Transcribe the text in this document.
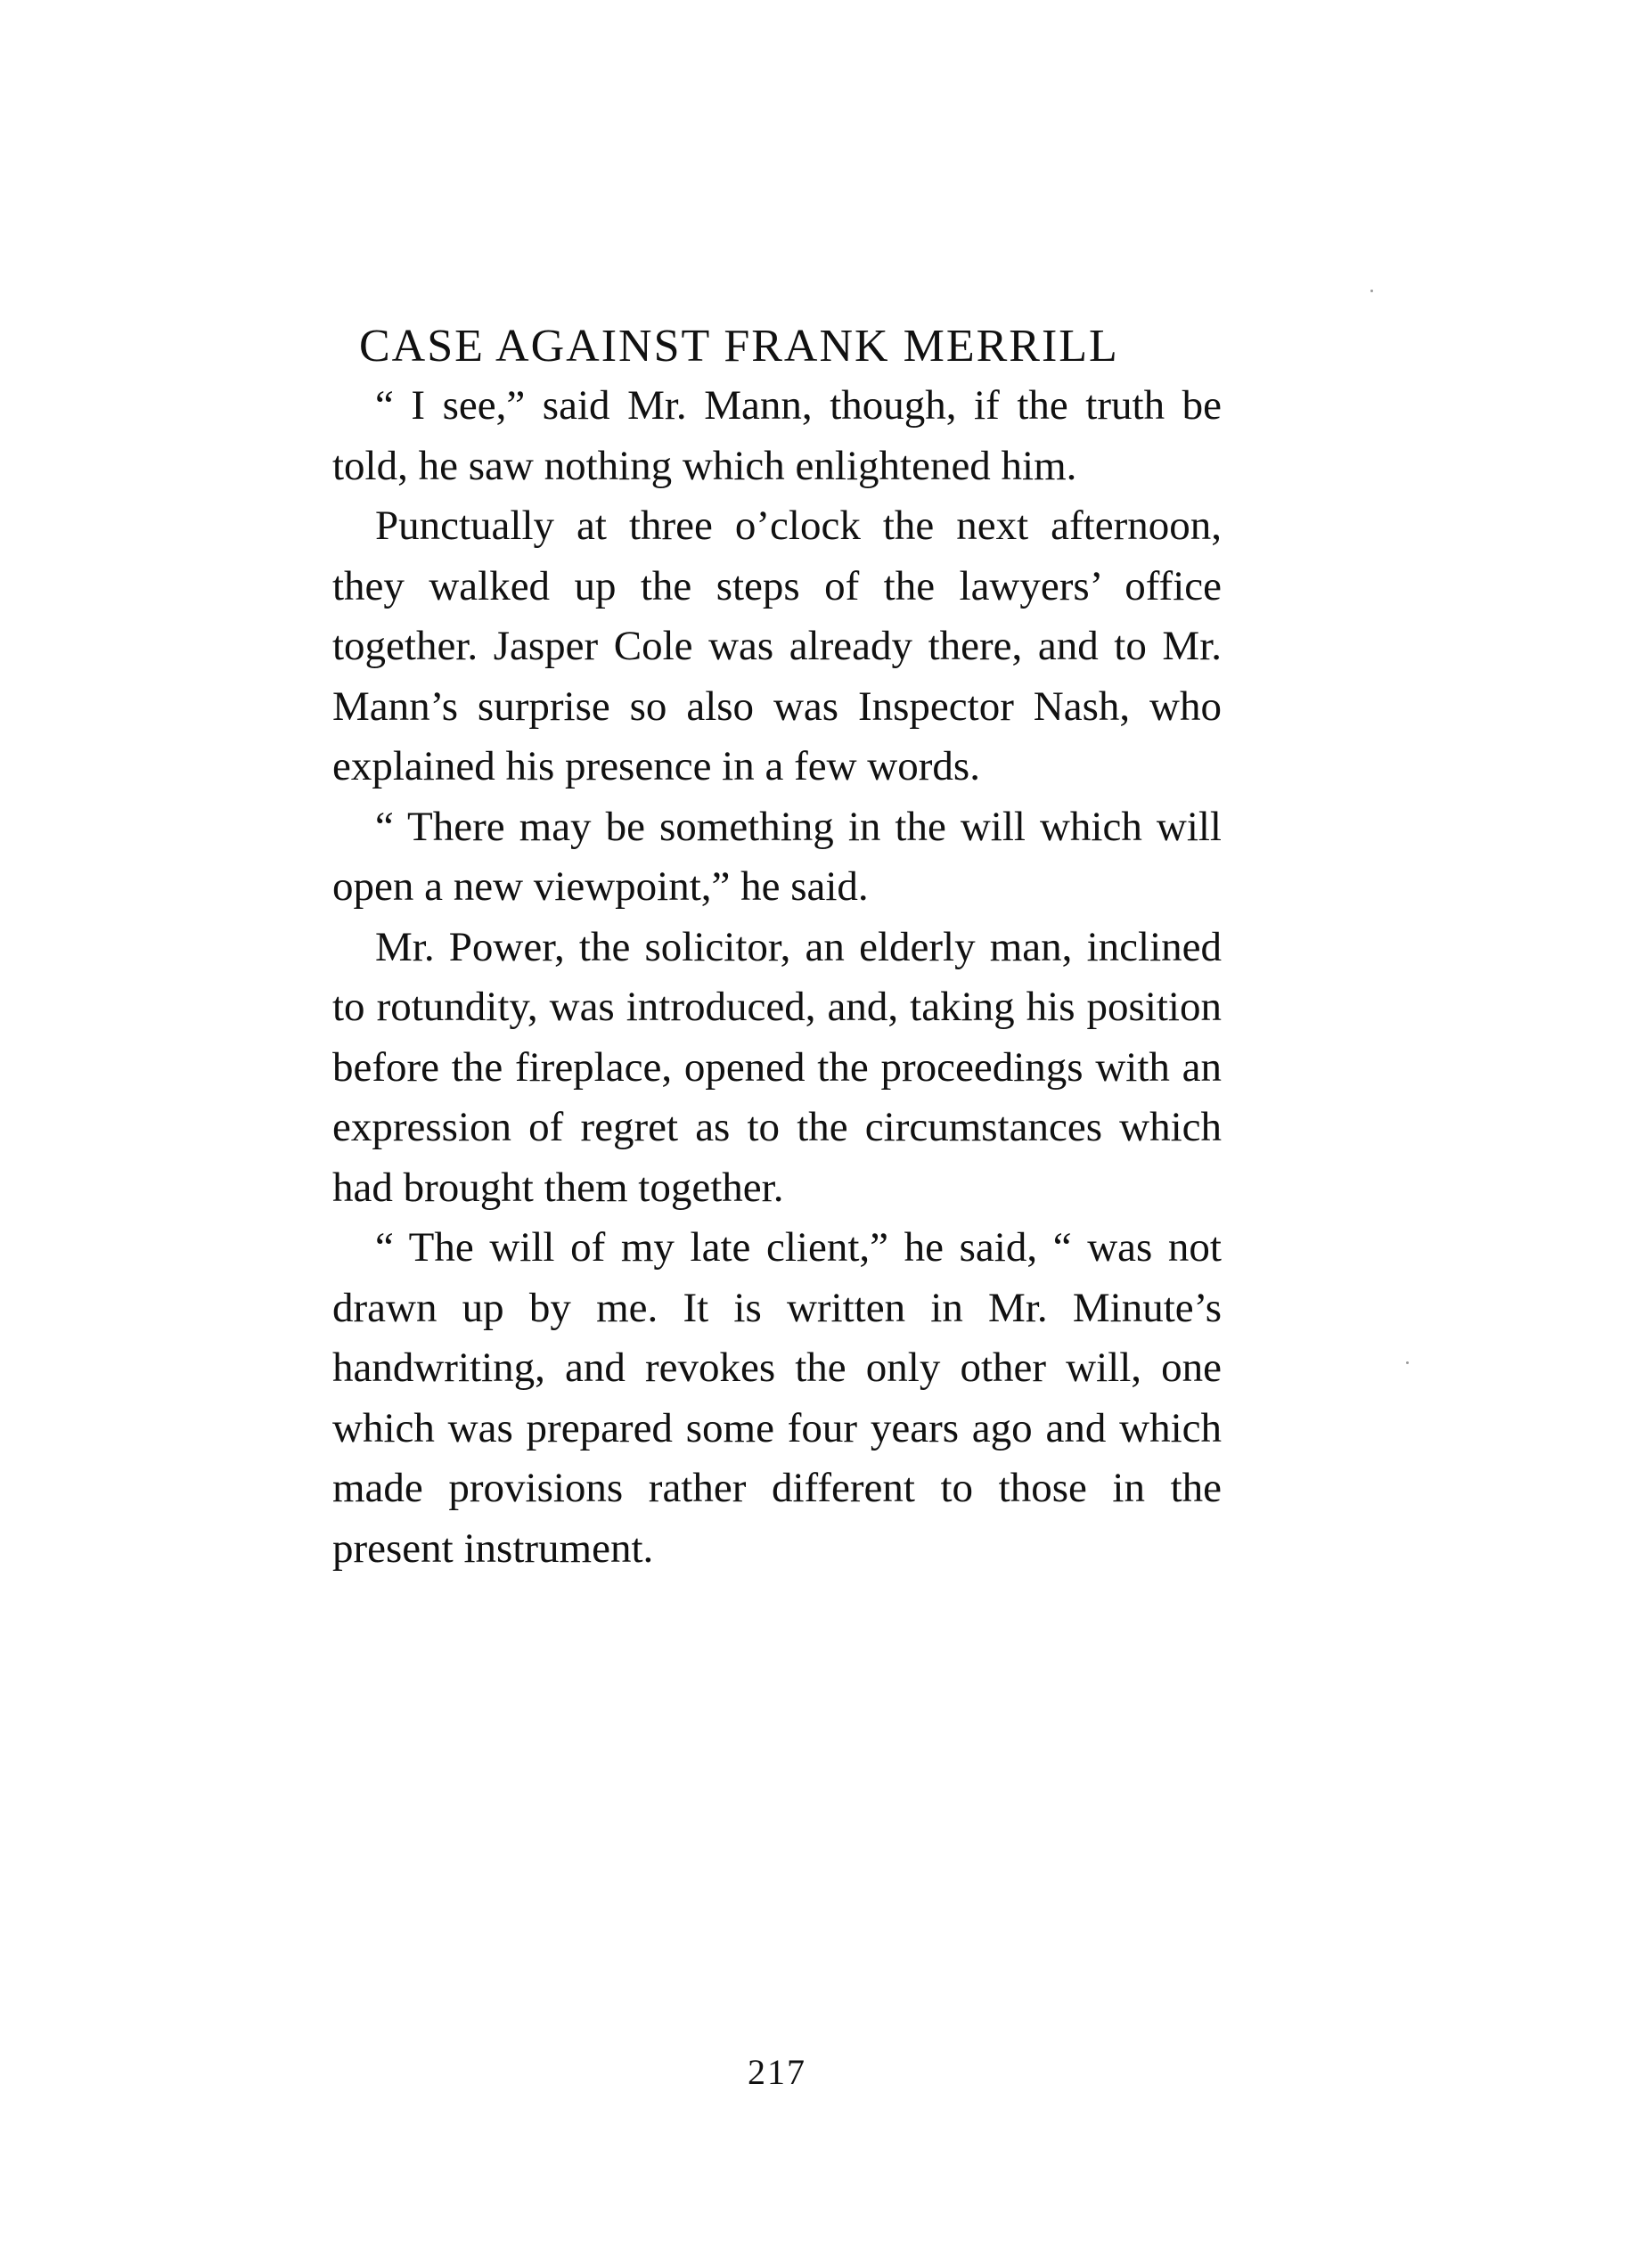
CASE AGAINST FRANK MERRILL

“ I see,” said Mr. Mann, though, if the truth be told, he saw nothing which enlightened him.

Punctually at three o’clock the next afternoon, they walked up the steps of the lawyers’ office together. Jasper Cole was already there, and to Mr. Mann’s surprise so also was Inspector Nash, who explained his presence in a few words.

“ There may be something in the will which will open a new viewpoint,” he said.

Mr. Power, the solicitor, an elderly man, inclined to rotundity, was introduced, and, taking his position before the fireplace, opened the proceedings with an expression of regret as to the circumstances which had brought them together.

“ The will of my late client,” he said, “ was not drawn up by me. It is written in Mr. Minute’s handwriting, and revokes the only other will, one which was prepared some four years ago and which made provisions rather different to those in the present instrument.

217
